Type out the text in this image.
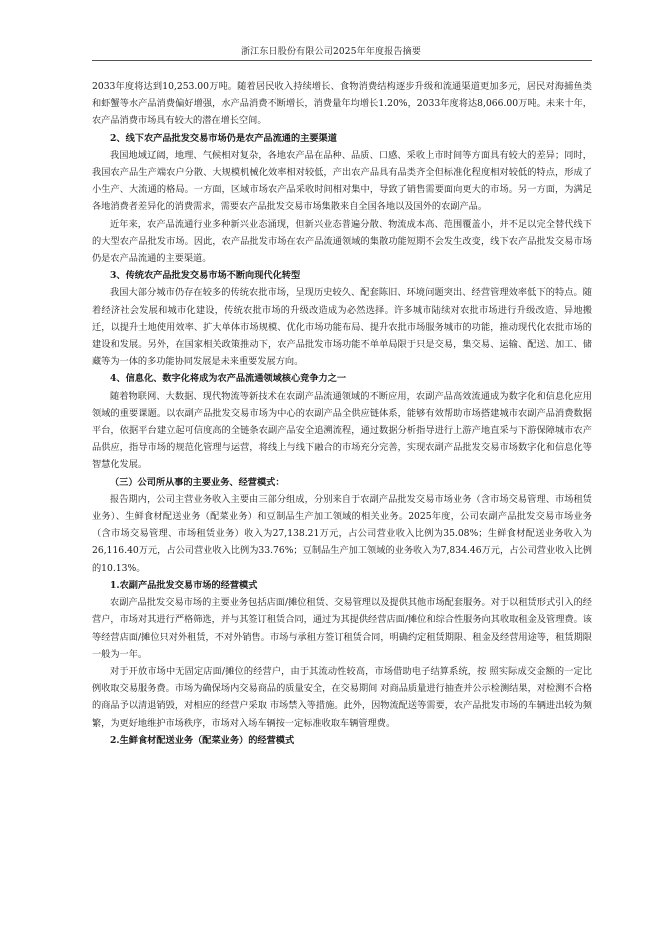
浙江东日股份有限公司2025年年度报告摘要

2033年度将达到10,253.00万吨。随着居民收入持续增长、食物消费结构逐步升级和流通渠道更加多元，居民对海捕鱼类和虾蟹等水产品消费偏好增强，水产品消费不断增长，消费量年均增长1.20%，2033年度将达8,066.00万吨。未来十年，农产品消费市场具有较大的潜在增长空间。

2、线下农产品批发交易市场仍是农产品流通的主要渠道

我国地域辽阔，地理、气候相对复杂，各地农产品在品种、品质、口感、采收上市时间等方面具有较大的差异；同时，我国农产品生产端农户分散、大规模机械化效率相对较低，产出农产品具有品类齐全但标准化程度相对较低的特点，形成了小生产、大流通的格局。一方面，区域市场农产品采收时间相对集中，导致了销售需要面向更大的市场。另一方面，为满足各地消费者差异化的消费需求，需要农产品批发交易市场集散来自全国各地以及国外的农副产品。

近年来，农产品流通行业多种新兴业态涌现，但新兴业态普遍分散、物流成本高、范围覆盖小，并不足以完全替代线下的大型农产品批发市场。因此，农产品批发市场在农产品流通领域的集散功能短期不会发生改变，线下农产品批发交易市场仍是农产品流通的主要渠道。

3、传统农产品批发交易市场不断向现代化转型

我国大部分城市仍存在较多的传统农批市场，呈现历史较久、配套陈旧、环境问题突出、经营管理效率低下的特点。随着经济社会发展和城市化建设，传统农批市场的升级改造成为必然选择。许多城市陆续对农批市场进行升级改造、异地搬迁，以提升土地使用效率、扩大单体市场规模、优化市场功能布局、提升农批市场服务城市的功能，推动现代化农批市场的建设和发展。另外，在国家相关政策推动下，农产品批发市场功能不单单局限于只是交易，集交易、运输、配送、加工、储藏等为一体的多功能协同发展是未来重要发展方向。

4、信息化、数字化将成为农产品流通领域核心竞争力之一

随着物联网、大数据、现代物流等新技术在农副产品流通领域的不断应用，农副产品高效流通成为数字化和信息化应用领域的重要课题。以农副产品批发交易市场为中心的农副产品全供应链体系，能够有效帮助市场搭建城市农副产品消费数据平台，依据平台建立起可信度高的全链条农副产品安全追溯流程，通过数据分析指导进行上游产地直采与下游保障城市农产品供应，指导市场的规范化管理与运营，将线上与线下融合的市场充分完善，实现农副产品批发交易市场数字化和信息化等智慧化发展。

（三）公司所从事的主要业务、经营模式：

报告期内，公司主营业务收入主要由三部分组成，分别来自于农副产品批发交易市场业务（含市场交易管理、市场租赁业务）、生鲜食材配送业务（配菜业务）和豆制品生产加工领域的相关业务。2025年度，公司农副产品批发交易市场业务（含市场交易管理、市场租赁业务）收入为27,138.21万元，占公司营业收入比例为35.08%；生鲜食材配送业务收入为26,116.40万元，占公司营业收入比例为33.76%；豆制品生产加工领域的业务收入为7,834.46万元，占公司营业收入比例的10.13%。

1.农副产品批发交易市场的经营模式

农副产品批发交易市场的主要业务包括店面/摊位租赁、交易管理以及提供其他市场配套服务。对于以租赁形式引入的经营户，市场对其进行严格筛选，并与其签订租赁合同，通过为其提供经营店面/摊位和综合性服务向其收取租金及管理费。该等经营店面/摊位只对外租赁，不对外销售。市场与承租方签订租赁合同，明确约定租赁期限、租金及经营用途等，租赁期限一般为一年。

对于开放市场中无固定店面/摊位的经营户，由于其流动性较高，市场借助电子结算系统，按 照实际成交金额的一定比例收取交易服务费。市场为确保场内交易商品的质量安全，在交易期间 对商品质量进行抽查并公示检测结果，对检测不合格的商品予以清退销毁，对相应的经营户采取 市场禁入等措施。此外，因物流配送等需要，农产品批发市场的车辆进出较为频繁，为更好地维护市场秩序，市场对入场车辆按一定标准收取车辆管理费。

2.生鲜食材配送业务（配菜业务）的经营模式
